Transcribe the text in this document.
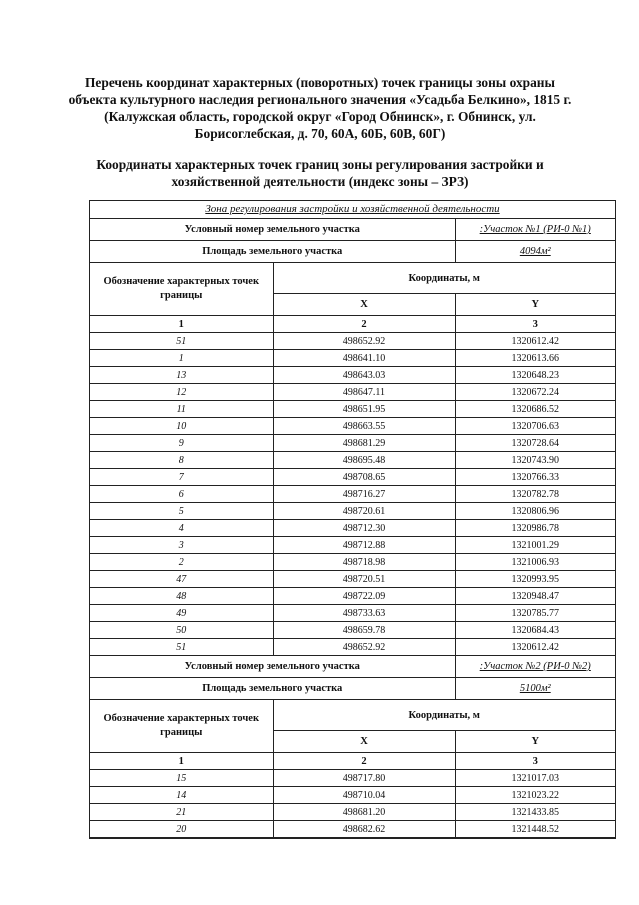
Перечень координат характерных (поворотных) точек границы зоны охраны объекта культурного наследия регионального значения «Усадьба Белкино», 1815 г. (Калужская область, городской округ «Город Обнинск», г. Обнинск, ул. Борисоглебская, д. 70, 60А, 60Б, 60В, 60Г)
Координаты характерных точек границ зоны регулирования застройки и хозяйственной деятельности (индекс зоны – ЗРЗ)
Зона регулирования застройки и хозяйственной деятельности
Условный номер земельного участка		:Участок №1 (РИ-0 №1)
Площадь земельного участка		4094м²
Обозначение характерных точек границы	Координаты, м	
	X	Y
1	2	3
51	498652.92	1320612.42
1	498641.10	1320613.66
13	498643.03	1320648.23
12	498647.11	1320672.24
11	498651.95	1320686.52
10	498663.55	1320706.63
9	498681.29	1320728.64
8	498695.48	1320743.90
7	498708.65	1320766.33
6	498716.27	1320782.78
5	498720.61	1320806.96
4	498712.30	1320986.78
3	498712.88	1321001.29
2	498718.98	1321006.93
47	498720.51	1320993.95
48	498722.09	1320948.47
49	498733.63	1320785.77
50	498659.78	1320684.43
51	498652.92	1320612.42
Условный номер земельного участка		:Участок №2 (РИ-0 №2)
Площадь земельного участка		5100м²
Обозначение характерных точек границы	Координаты, м	
	X	Y
1	2	3
15	498717.80	1321017.03
14	498710.04	1321023.22
21	498681.20	1321433.85
20	498682.62	1321448.52
